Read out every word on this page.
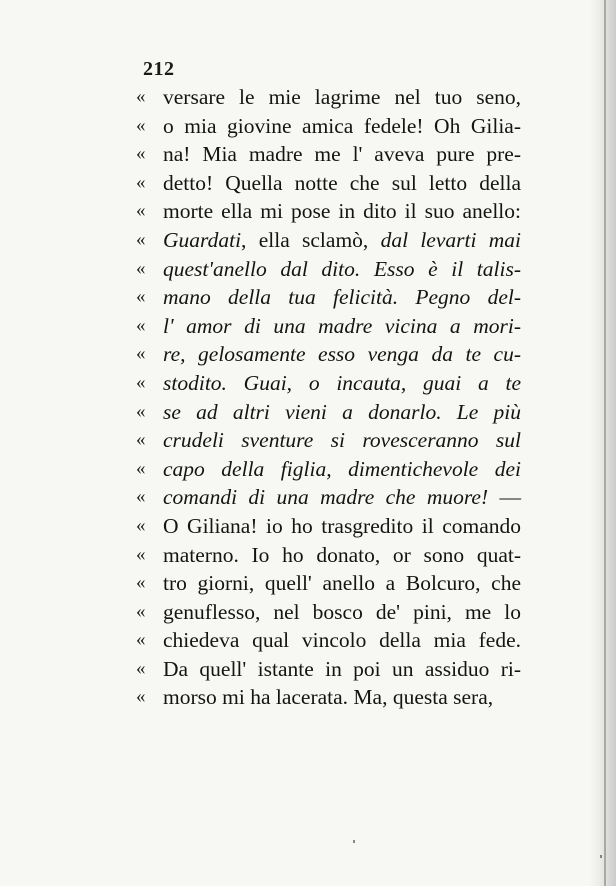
212
« versare le mie lagrime nel tuo seno,
« o mia giovine amica fedele! Oh Gilia-
« na! Mia madre me l' aveva pure pre-
« detto! Quella notte che sul letto della
« morte ella mi pose in dito il suo anello:
« Guardati, ella sclamò, dal levarti mai
« quest'anello dal dito. Esso è il talis-
« mano della tua felicità. Pegno del-
« l' amor di una madre vicina a mori-
« re, gelosamente esso venga da te cu-
« stodito. Guai, o incauta, guai a te
« se ad altri vieni a donarlo. Le più
« crudeli sventure si rovesceranno sul
« capo della figlia, dimentichevole dei
« comandi di una madre che muore! —
« O Giliana! io ho trasgredito il comando
« materno. Io ho donato, or sono quat-
« tro giorni, quell' anello a Bolcuro, che
« genuflesso, nel bosco de' pini, me lo
« chiedeva qual vincolo della mia fede.
« Da quell' istante in poi un assiduo ri-
« morso mi ha lacerata. Ma, questa sera,
